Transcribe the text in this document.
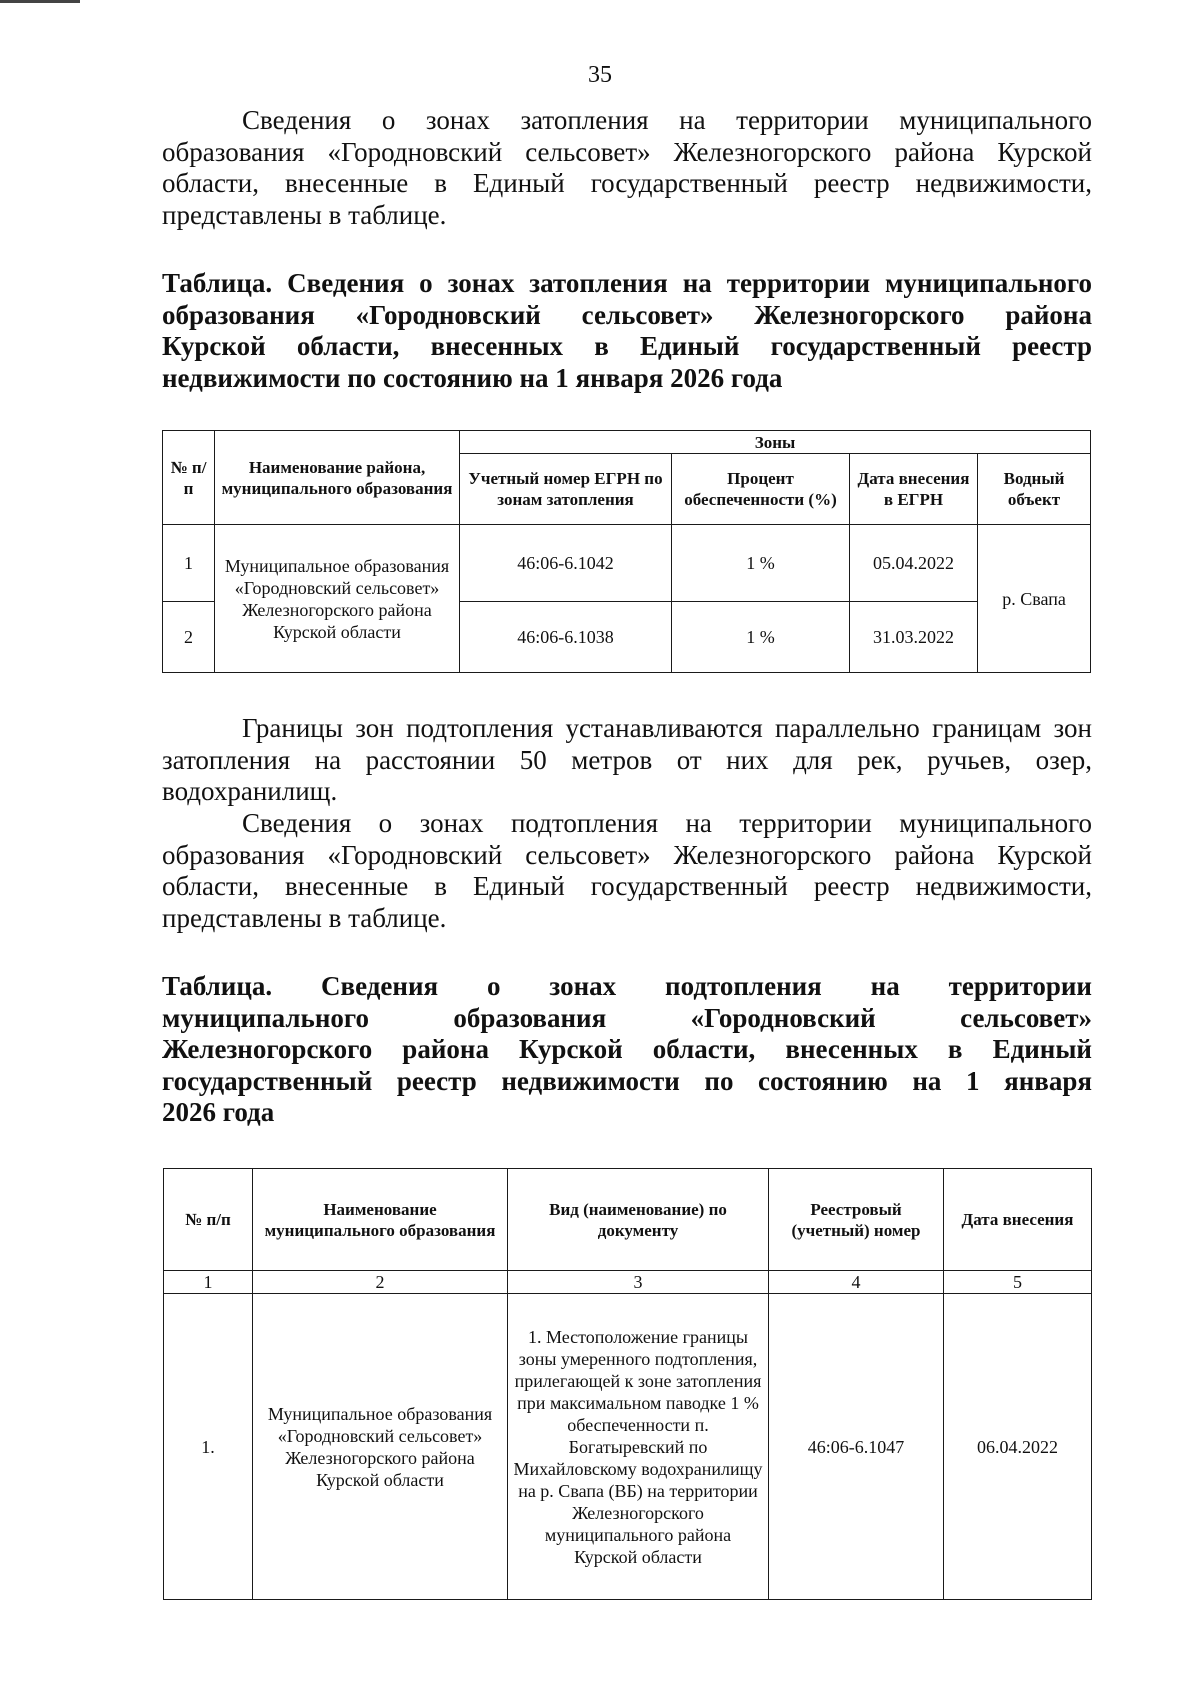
35

Сведения о зонах затопления на территории муниципального образования «Городновский сельсовет» Железногорского района Курской области, внесенные в Единый государственный реестр недвижимости, представлены в таблице.

Таблица. Сведения о зонах затопления на территории муниципального
образования «Городновский сельсовет» Железногорского района
Курской области, внесенных в Единый государственный реестр
недвижимости по состоянию на 1 января 2026 года
№ п/п	Наименование района, муниципального образования	Зоны			
		Учетный номер ЕГРН по зонам затопления	Процент обеспеченности (%)	Дата внесения в ЕГРН	Водный объект
1	Муниципальное образования «Городновский сельсовет» Железногорского района Курской области	46:06-6.1042	1 %	05.04.2022	р. Свапа
2		46:06-6.1038	1 %	31.03.2022	

Границы зон подтопления устанавливаются параллельно границам зон затопления на расстоянии 50 метров от них для рек, ручьев, озер, водохранилищ.

Сведения о зонах подтопления на территории муниципального образования «Городновский сельсовет» Железногорского района Курской области, внесенные в Единый государственный реестр недвижимости, представлены в таблице.

Таблица. Сведения о зонах подтопления на территории
муниципального образования «Городновский сельсовет»
Железногорского района Курской области, внесенных в Единый
государственный реестр недвижимости по состоянию на 1 января
2026 года
№ п/п	Наименование муниципального образования	Вид (наименование) по документу	Реестровый (учетный) номер	Дата внесения
1	2	3	4	5
1.	Муниципальное образования «Городновский сельсовет» Железногорского района Курской области	1. Местоположение границы зоны умеренного подтопления, прилегающей к зоне затопления при максимальном паводке 1 % обеспеченности п. Богатыревский по Михайловскому водохранилищу на р. Свапа (ВБ) на территории Железногорского муниципального района Курской области	46:06-6.1047	06.04.2022
